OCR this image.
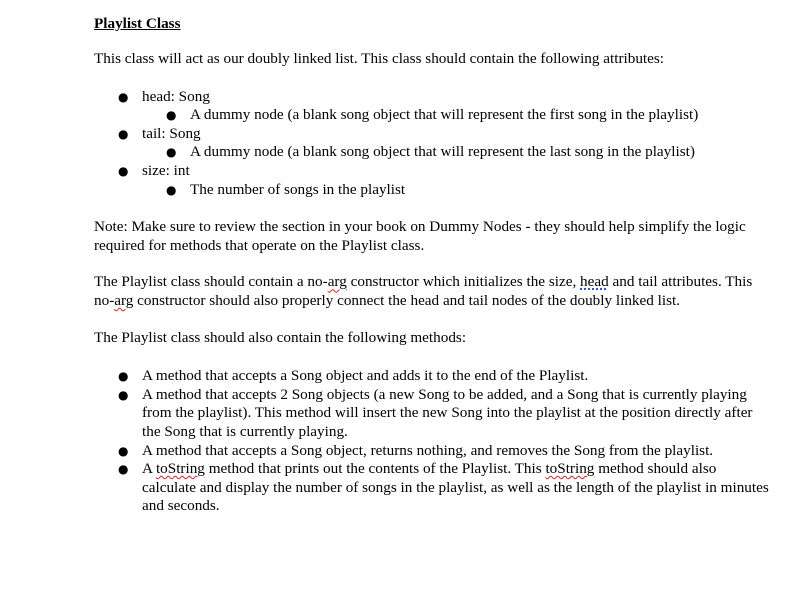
Playlist Class

This class will act as our doubly linked list. This class should contain the following attributes:

● head: Song
● A dummy node (a blank song object that will represent the first song in the playlist)
● tail: Song
● A dummy node (a blank song object that will represent the last song in the playlist)
● size: int
● The number of songs in the playlist

Note: Make sure to review the section in your book on Dummy Nodes - they should help simplify the logic required for methods that operate on the Playlist class.

The Playlist class should contain a no-arg constructor which initializes the size, head and tail attributes. This no-arg constructor should also properly connect the head and tail nodes of the doubly linked list.

The Playlist class should also contain the following methods:

● A method that accepts a Song object and adds it to the end of the Playlist.
● A method that accepts 2 Song objects (a new Song to be added, and a Song that is currently playing from the playlist). This method will insert the new Song into the playlist at the position directly after the Song that is currently playing.
● A method that accepts a Song object, returns nothing, and removes the Song from the playlist.
● A toString method that prints out the contents of the Playlist. This toString method should also calculate and display the number of songs in the playlist, as well as the length of the playlist in minutes and seconds.
